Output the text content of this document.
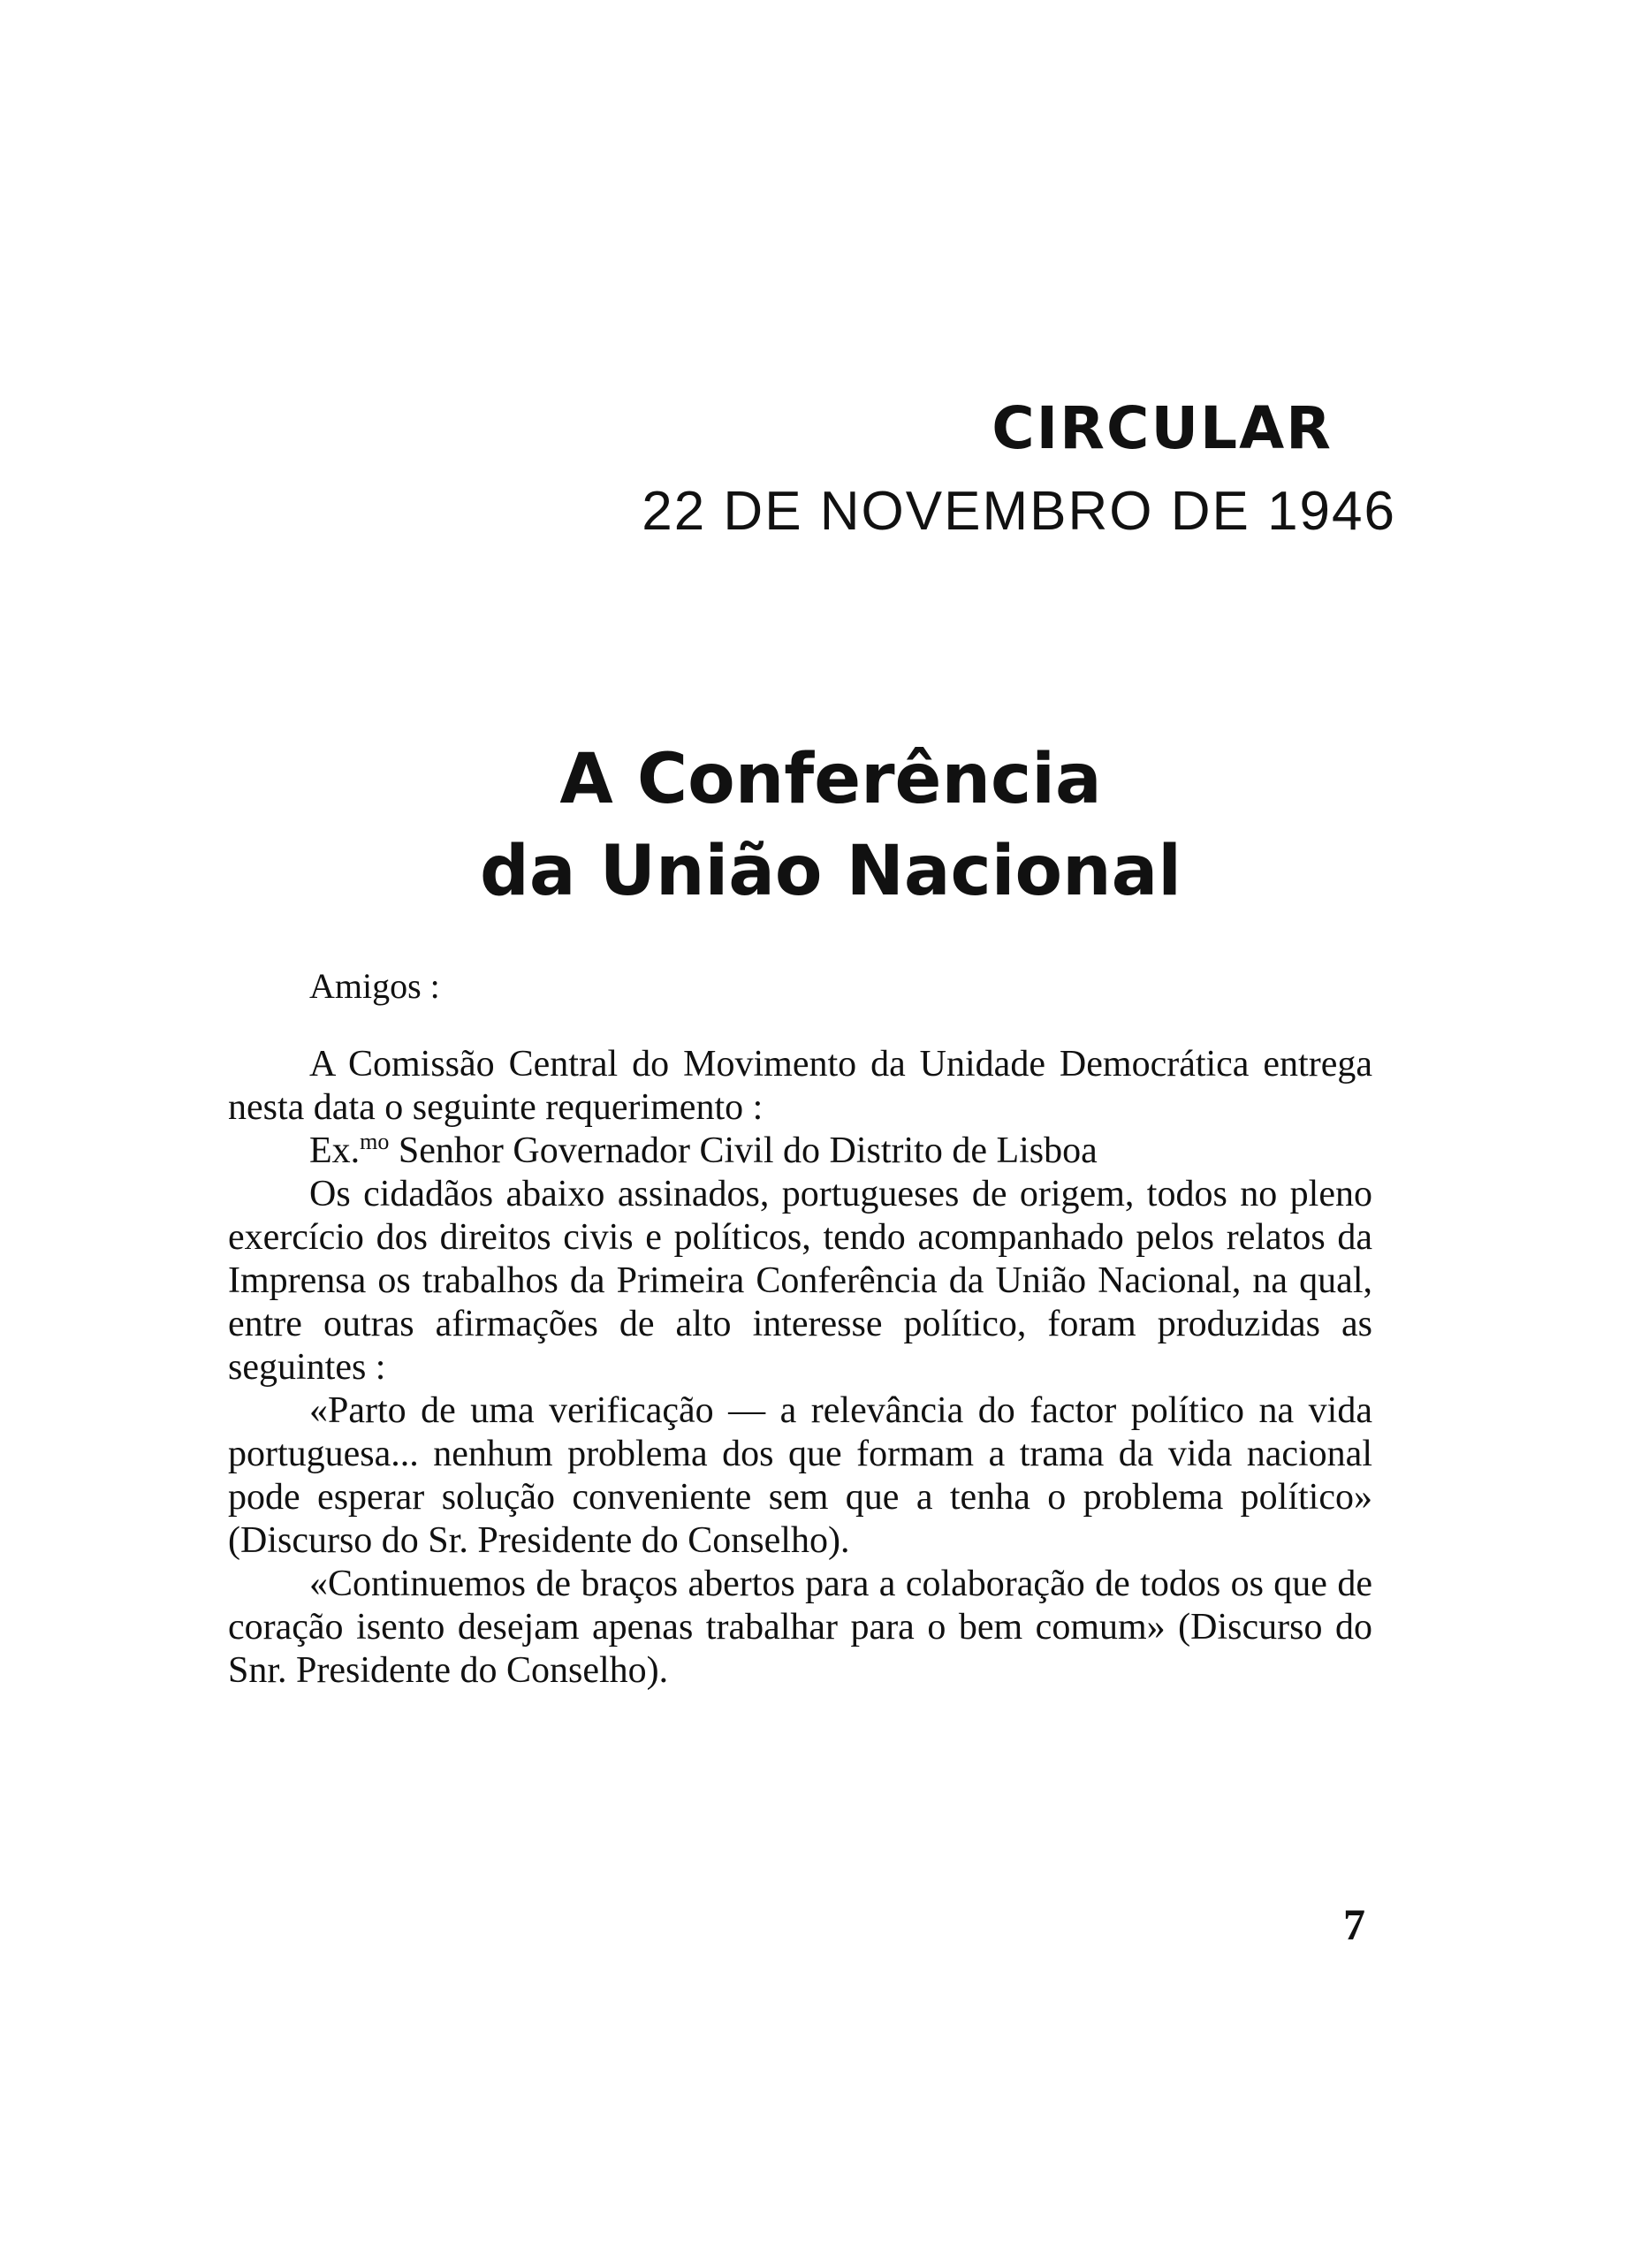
CIRCULAR

22 DE NOVEMBRO DE 1946

A Conferência

da União Nacional

Amigos :

A Comissão Central do Movimento da Unidade Democrática entrega nesta data o seguinte requerimento :

Ex.$^{mo}$ Senhor Governador Civil do Distrito de Lisboa

Os cidadãos abaixo assinados, portugueses de origem, todos no pleno exercício dos direitos civis e políticos, tendo acompanhado pelos relatos da Imprensa os trabalhos da Primeira Conferência da União Nacional, na qual, entre outras afirmações de alto interesse político, foram produzidas as seguintes :

«Parto de uma verificação — a relevância do factor político na vida portuguesa... nenhum problema dos que formam a trama da vida nacional pode esperar solução conveniente sem que a tenha o problema político» (Discurso do Sr. Presidente do Conselho).

«Continuemos de braços abertos para a colaboração de todos os que de coração isento desejam apenas trabalhar para o bem comum» (Discurso do Snr. Presidente do Conselho).

7
